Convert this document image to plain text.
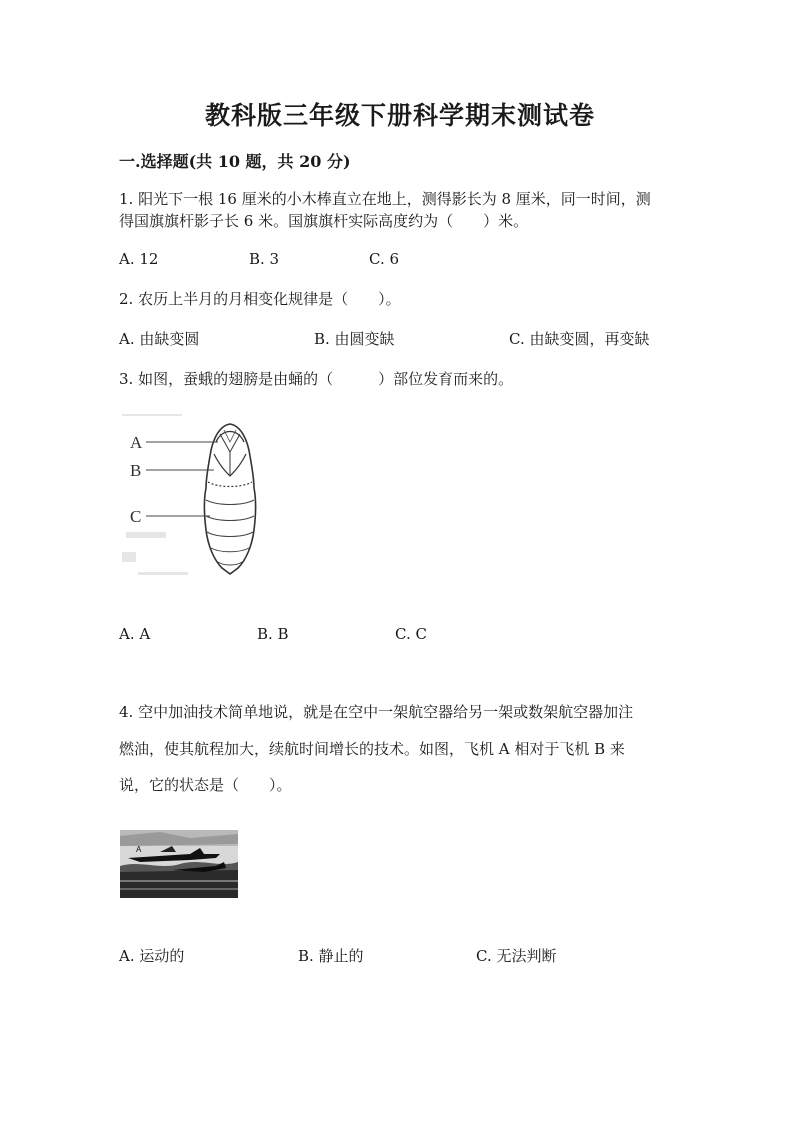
教科版三年级下册科学期末测试卷
一.选择题(共 10 题，共 20 分)
1. 阳光下一根 16 厘米的小木棒直立在地上，测得影长为 8 厘米，同一时间，测
得国旗旗杆影子长 6 米。国旗旗杆实际高度约为（　　）米。
A. 12	B. 3	C. 6
2. 农历上半月的月相变化规律是（　　）。
A. 由缺变圆	B. 由圆变缺	C. 由缺变圆，再变缺
3. 如图，蚕蛾的翅膀是由蛹的（　　　）部位发育而来的。
A
B
C
A. A	B. B	C. C
4. 空中加油技术简单地说，就是在空中一架航空器给另一架或数架航空器加注
燃油，使其航程加大，续航时间增长的技术。如图，飞机 A 相对于飞机 B 来
说，它的状态是（　　）。
A
A. 运动的	B. 静止的	C. 无法判断
